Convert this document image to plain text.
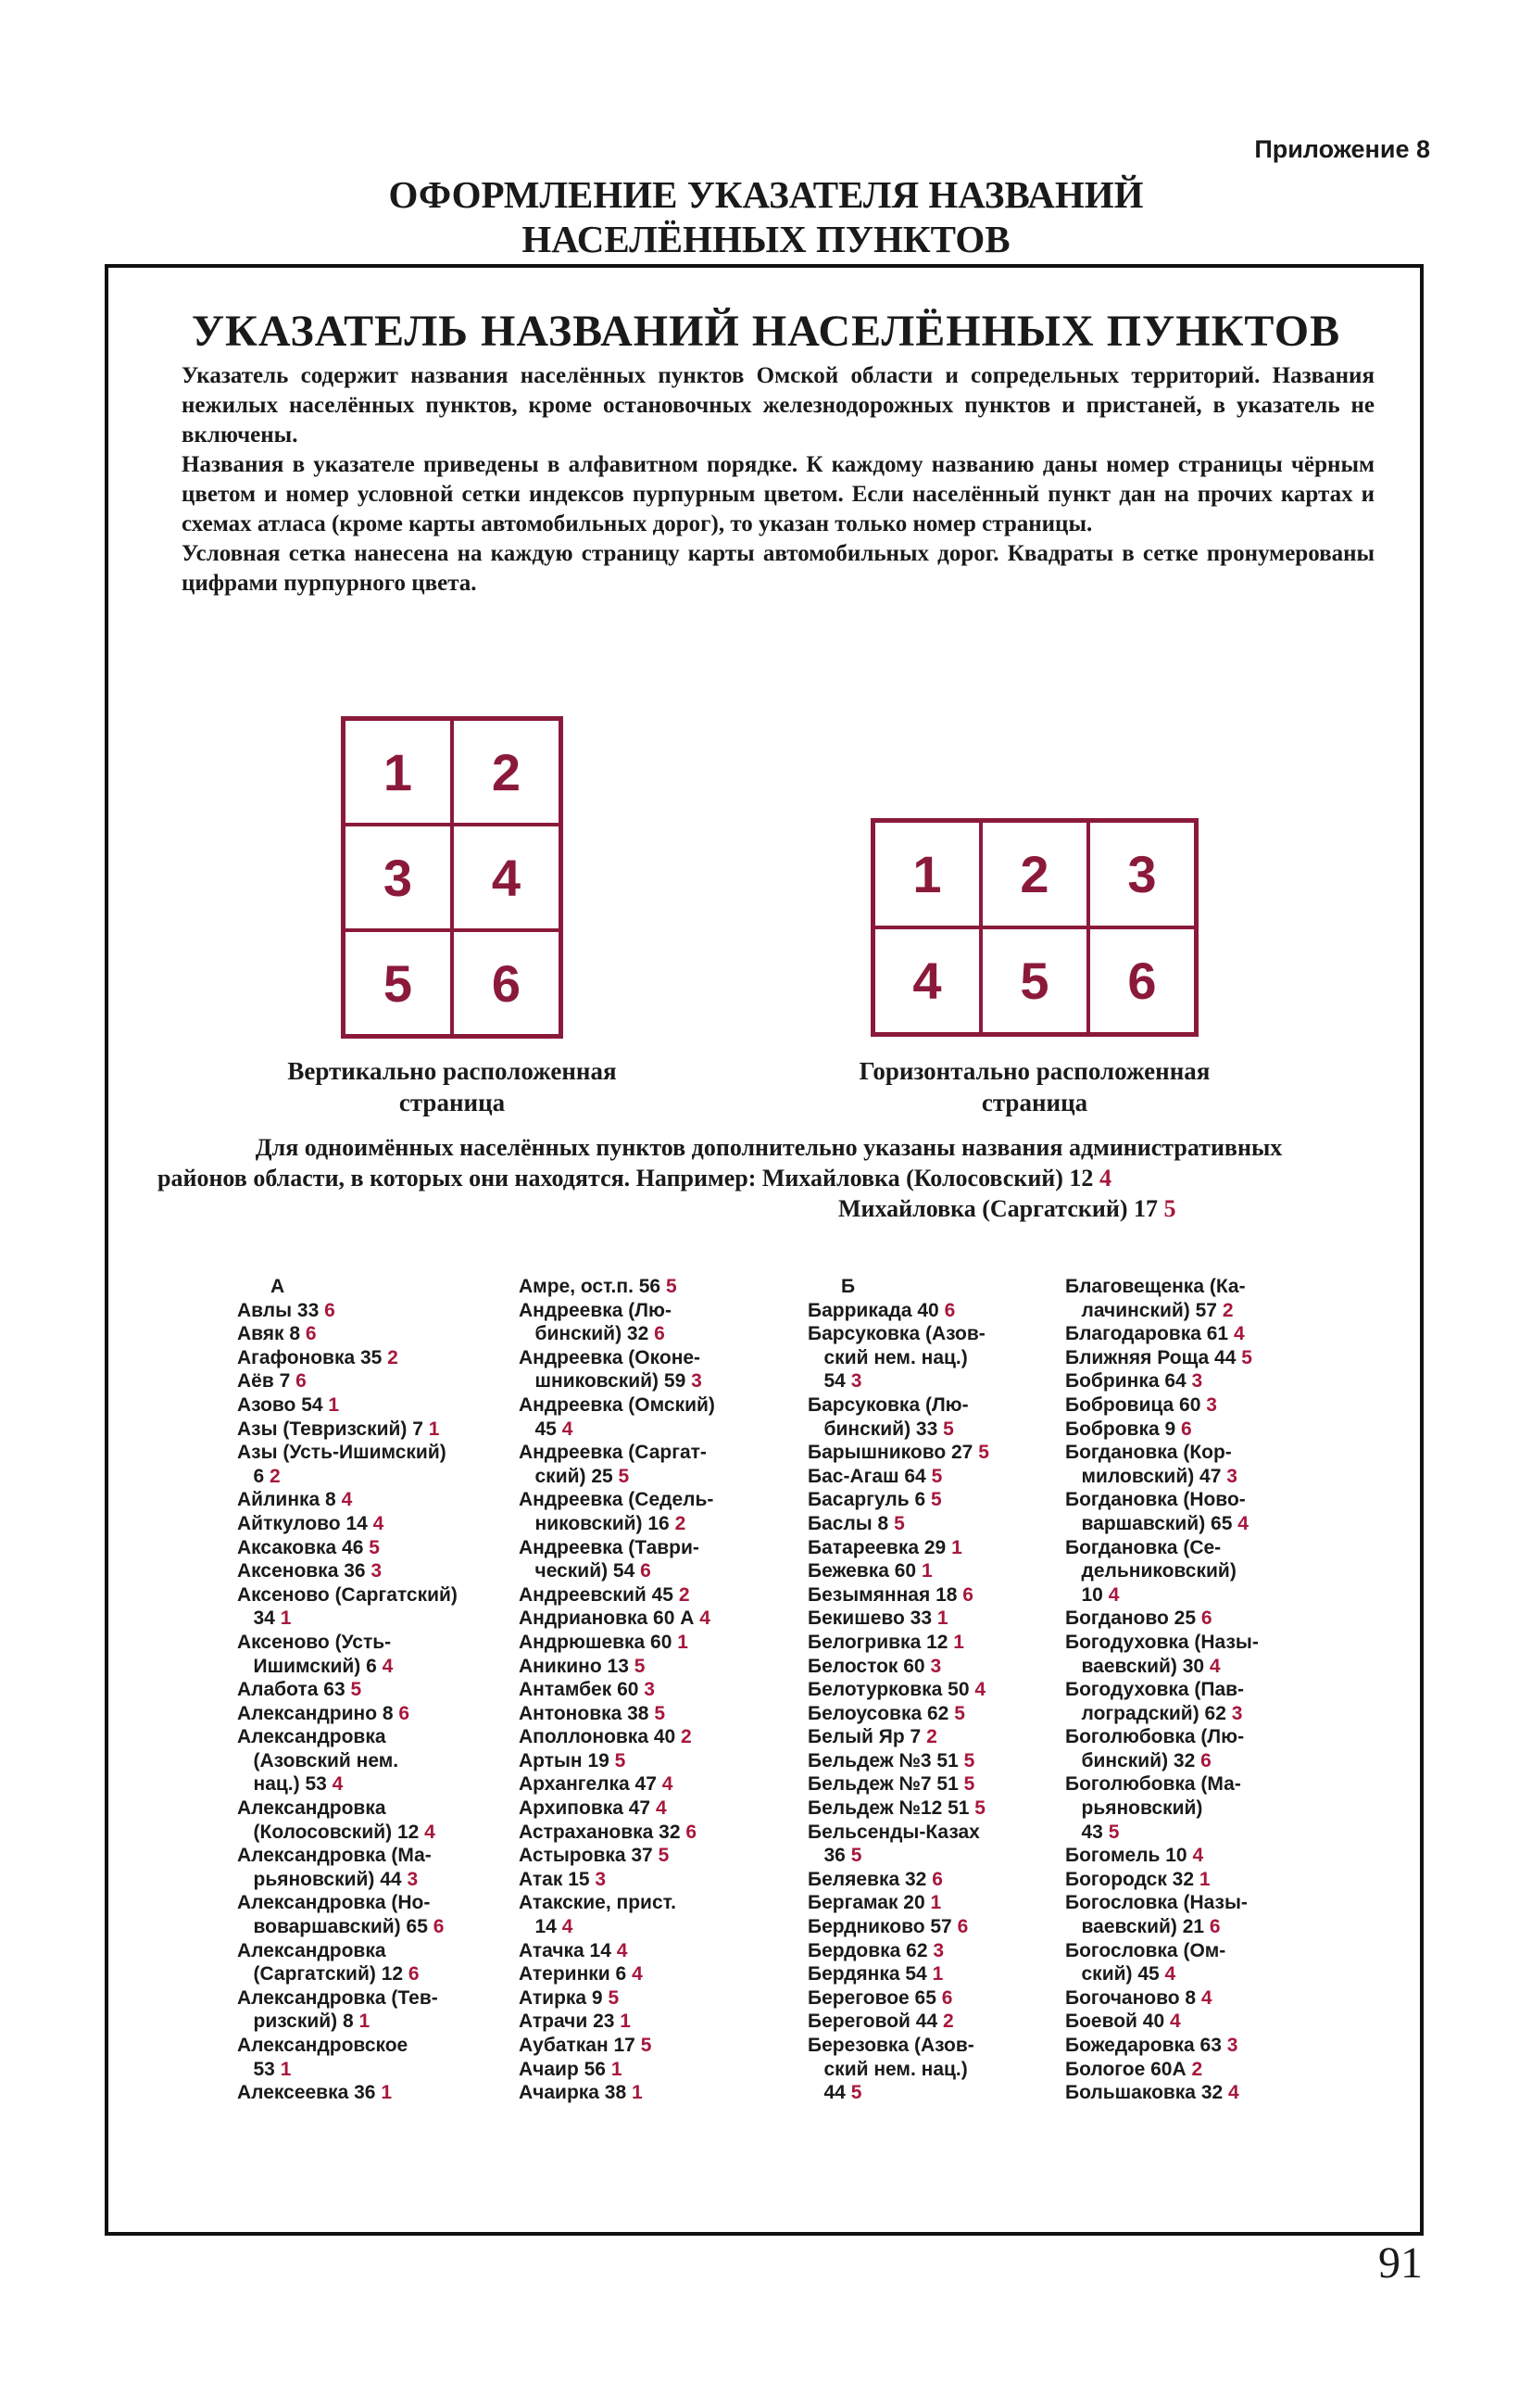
Приложение 8
ОФОРМЛЕНИЕ УКАЗАТЕЛЯ НАЗВАНИЙ
НАСЕЛЁННЫХ ПУНКТОВ
УКАЗАТЕЛЬ НАЗВАНИЙ НАСЕЛЁННЫХ ПУНКТОВ

Указатель содержит названия населённых пунктов Омской области и сопредельных территорий. Названия нежилых населённых пунктов, кроме остановочных железнодорожных пунктов и пристаней, в указатель не включены.

Названия в указателе приведены в алфавитном порядке. К каждому названию даны номер страницы чёрным цветом и номер условной сетки индексов пурпурным цветом. Если населённый пункт дан на прочих картах и схемах атласа (кроме карты автомобильных дорог), то указан только номер страницы.

Условная сетка нанесена на каждую страницу карты автомобильных дорог. Квадраты в сетке пронумерованы цифрами пурпурного цвета.

1	2
3	4
5	6
1	2	3
4	5	6
Вертикально расположенная
страница
Горизонтально расположенная
страница
Для одноимённых населённых пунктов дополнительно указаны названия административных
районов области, в которых они находятся. Например: Михайловка (Колосовский) 12 4
Михайловка (Саргатский) 17 5
А
Авлы 33 6
Авяк 8 6
Агафоновка 35 2
Аёв 7 6
Азово 54 1
Азы (Тевризский) 7 1
Азы (Усть-Ишимский)
6 2
Айлинка 8 4
Айткулово 14 4
Аксаковка 46 5
Аксеновка 36 3
Аксеново (Саргатский)
34 1
Аксеново (Усть-
Ишимский) 6 4
Алабота 63 5
Александрино 8 6
Александровка
(Азовский нем.
нац.) 53 4
Александровка
(Колосовский) 12 4
Александровка (Ма-
рьяновский) 44 3
Александровка (Но-
воваршавский) 65 6
Александровка
(Саргатский) 12 6
Александровка (Тев-
ризский) 8 1
Александровское
53 1
Алексеевка 36 1
Амре, ост.п. 56 5
Андреевка (Лю-
бинский) 32 6
Андреевка (Оконе-
шниковский) 59 3
Андреевка (Омский)
45 4
Андреевка (Саргат-
ский) 25 5
Андреевка (Седель-
никовский) 16 2
Андреевка (Таври-
ческий) 54 6
Андреевский 45 2
Андриановка 60 А 4
Андрюшевка 60 1
Аникино 13 5
Антамбек 60 3
Антоновка 38 5
Аполлоновка 40 2
Артын 19 5
Архангелка 47 4
Архиповка 47 4
Астрахановка 32 6
Астыровка 37 5
Атак 15 3
Атакские, прист.
14 4
Атачка 14 4
Атеринки 6 4
Атирка 9 5
Атрачи 23 1
Аубаткан 17 5
Ачаир 56 1
Ачаирка 38 1
Б
Баррикада 40 6
Барсуковка (Азов-
ский нем. нац.)
54 3
Барсуковка (Лю-
бинский) 33 5
Барышниково 27 5
Бас-Агаш 64 5
Басаргуль 6 5
Баслы 8 5
Батареевка 29 1
Бежевка 60 1
Безымянная 18 6
Бекишево 33 1
Белогривка 12 1
Белосток 60 3
Белотурковка 50 4
Белоусовка 62 5
Белый Яр 7 2
Бельдеж №3 51 5
Бельдеж №7 51 5
Бельдеж №12 51 5
Бельсенды-Казах
36 5
Беляевка 32 6
Бергамак 20 1
Бердниково 57 6
Бердовка 62 3
Бердянка 54 1
Береговое 65 6
Береговой 44 2
Березовка (Азов-
ский нем. нац.)
44 5
Благовещенка (Ка-
лачинский) 57 2
Благодаровка 61 4
Ближняя Роща 44 5
Бобринка 64 3
Бобровица 60 3
Бобровка 9 6
Богдановка (Кор-
миловский) 47 3
Богдановка (Ново-
варшавский) 65 4
Богдановка (Се-
дельниковский)
10 4
Богданово 25 6
Богодуховка (Назы-
ваевский) 30 4
Богодуховка (Пав-
лоградский) 62 3
Боголюбовка (Лю-
бинский) 32 6
Боголюбовка (Ма-
рьяновский)
43 5
Богомель 10 4
Богородск 32 1
Богословка (Назы-
ваевский) 21 6
Богословка (Ом-
ский) 45 4
Богочаново 8 4
Боевой 40 4
Божедаровка 63 3
Бологое 60А 2
Большаковка 32 4
91
